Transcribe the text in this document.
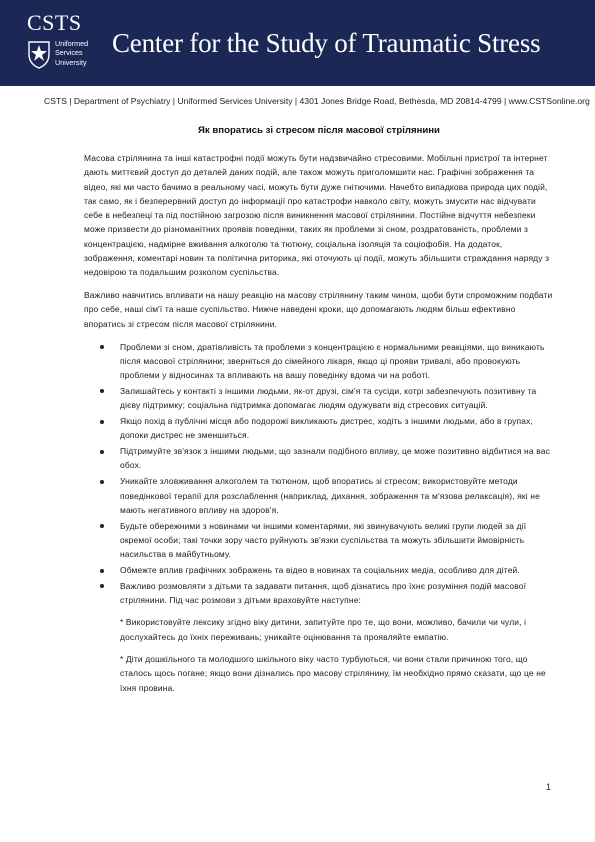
CSTS
Uniformed
Services
University
Center for the Study of Traumatic Stress
CSTS | Department of Psychiatry | Uniformed Services University | 4301 Jones Bridge Road, Bethesda, MD 20814-4799 | www.CSTSonline.org
Як впоратись зі стресом після масової стрілянини

Масова стрілянина та інші катастрофні події можуть бути надзвичайно стресовими. Мобільні пристрої та інтернет дають миттєвий доступ до деталей даних подій, але також можуть приголомшити нас. Графічні зображення та відео, які ми часто бачимо в реальному часі, можуть бути дуже гнітючими. Начебто випадкова природа цих подій, так само, як і безперервний доступ до інформації про катастрофи навколо світу, можуть змусити нас відчувати себе в небезпеці та під постійною загрозою після виникнення масової стрілянини. Постійне відчуття небезпеки може призвести до різноманітних проявів поведінки, таких як проблеми зі сном, роздратованість, проблеми з концентрацією, надмірне вживання алкоголю та тютюну, соціальна ізоляція та соціофобія. На додаток, зображення, коментарі новин та політична риторика, які оточують ці події, можуть збільшити страждання наряду з недовірою та подальшим розколом суспільства.

Важливо навчитись впливати на нашу реакцію на масову стрілянину таким чином, щоби бути спроможним подбати про себе, наші сім'ї та наше суспільство. Нижче наведені кроки, що допомагають людям більш ефективно впоратись зі стресом після масової стрілянини.

Проблеми зі сном, дратівливість та проблеми з концентрацією є нормальними реакціями, що виникають після масової стрілянини; зверніться до сімейного лікаря, якщо ці прояви тривалі, або провокують проблеми у відносинах та впливають на вашу поведінку вдома чи на роботі.
Залишайтесь у контакті з іншими людьми, як-от друзі, сім'я та сусіди, котрі забезпечують позитивну та дієву підтримку; соціальна підтримка допомагає людям одужувати від стресових ситуацій.
Якщо похід в публічні місця або подорожі викликають дистрес, ходіть з іншими людьми, або в групах, допоки дистрес не зменшиться.
Підтримуйте зв'язок з іншими людьми, що зазнали подібного впливу, це може позитивно відбитися на вас обох.
Уникайте зловживання алкоголем та тютюном, щоб впоратись зі стресом; використовуйте методи поведінкової терапії для розслаблення (наприклад, дихання, зображення та м'язова релаксація), які не мають негативного впливу на здоров'я.
Будьте обережними з новинами чи іншими коментарями, які звинувачують великі групи людей за дії окремої особи; такі точки зору часто руйнують зв'язки суспільства та можуть збільшити ймовірність насильства в майбутньому.
Обмежте вплив графічних зображень та відео в новинах та соціальних медіа, особливо для дітей.
Важливо розмовляти з дітьми та задавати питання, щоб дізнатись про їхнє розуміння подій масової стрілянини. Під час розмови з дітьми враховуйте наступне:

* Використовуйте лексику згідно віку дитини, запитуйте про те, що вони, можливо, бачили чи чули, і дослухайтесь до їхніх переживань; уникайте оцінювання та проявляйте емпатію.

* Діти дошкільного та молодшого шкільного віку часто турбуються, чи вони стали причиною того, що сталось щось погане; якщо вони дізнались про масову стрілянину, їм необхідно прямо сказати, що це не їхня провина.

1
